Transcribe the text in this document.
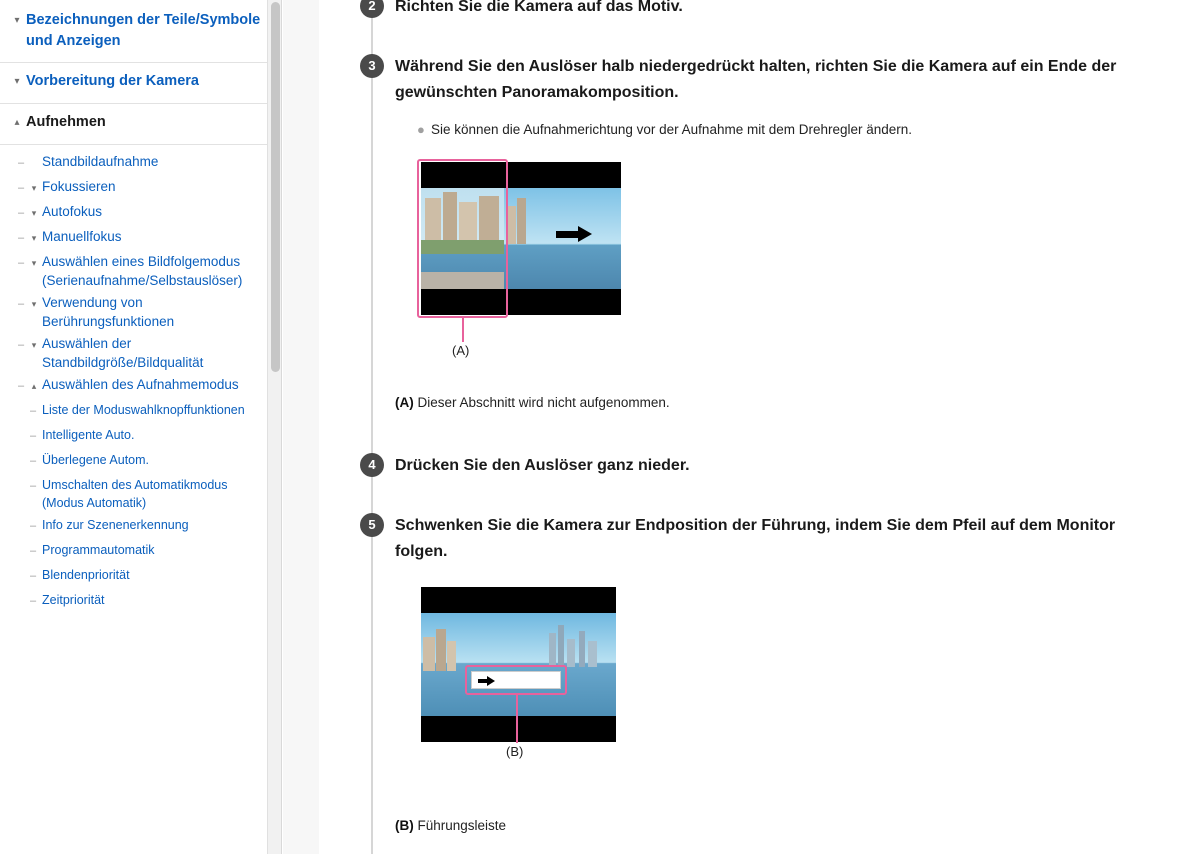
▾ Bezeichnungen der Teile/Symbole und Anzeigen
▾ Vorbereitung der Kamera
▴ Aufnehmen
– Standbildaufnahme
– ▾ Fokussieren
– ▾ Autofokus
– ▾ Manuellfokus
– ▾ Auswählen eines Bildfolgemodus (Serienaufnahme/Selbstauslöser)
– ▾ Verwendung von Berührungsfunktionen
– ▾ Auswählen der Standbildgröße/Bildqualität
– ▴ Auswählen des Aufnahmemodus
– Liste der Moduswahlknopffunktionen
– Intelligente Auto.
– Überlegene Autom.
– Umschalten des Automatikmodus (Modus Automatik)
– Info zur Szenenerkennung
– Programmautomatik
– Blendenpriorität
– Zeitpriorität
2	Richten Sie die Kamera auf das Motiv.

3	Während Sie den Auslöser halb niedergedrückt halten, richten Sie die Kamera auf ein Ende der gewünschten Panoramakomposition.

● Sie können die Aufnahmerichtung vor der Aufnahme mit dem Drehregler ändern.
(A)
(A) Dieser Abschnitt wird nicht aufgenommen.
4	Drücken Sie den Auslöser ganz nieder.

5	Schwenken Sie die Kamera zur Endposition der Führung, indem Sie dem Pfeil auf dem Monitor folgen.

(B)
(B) Führungsleiste
